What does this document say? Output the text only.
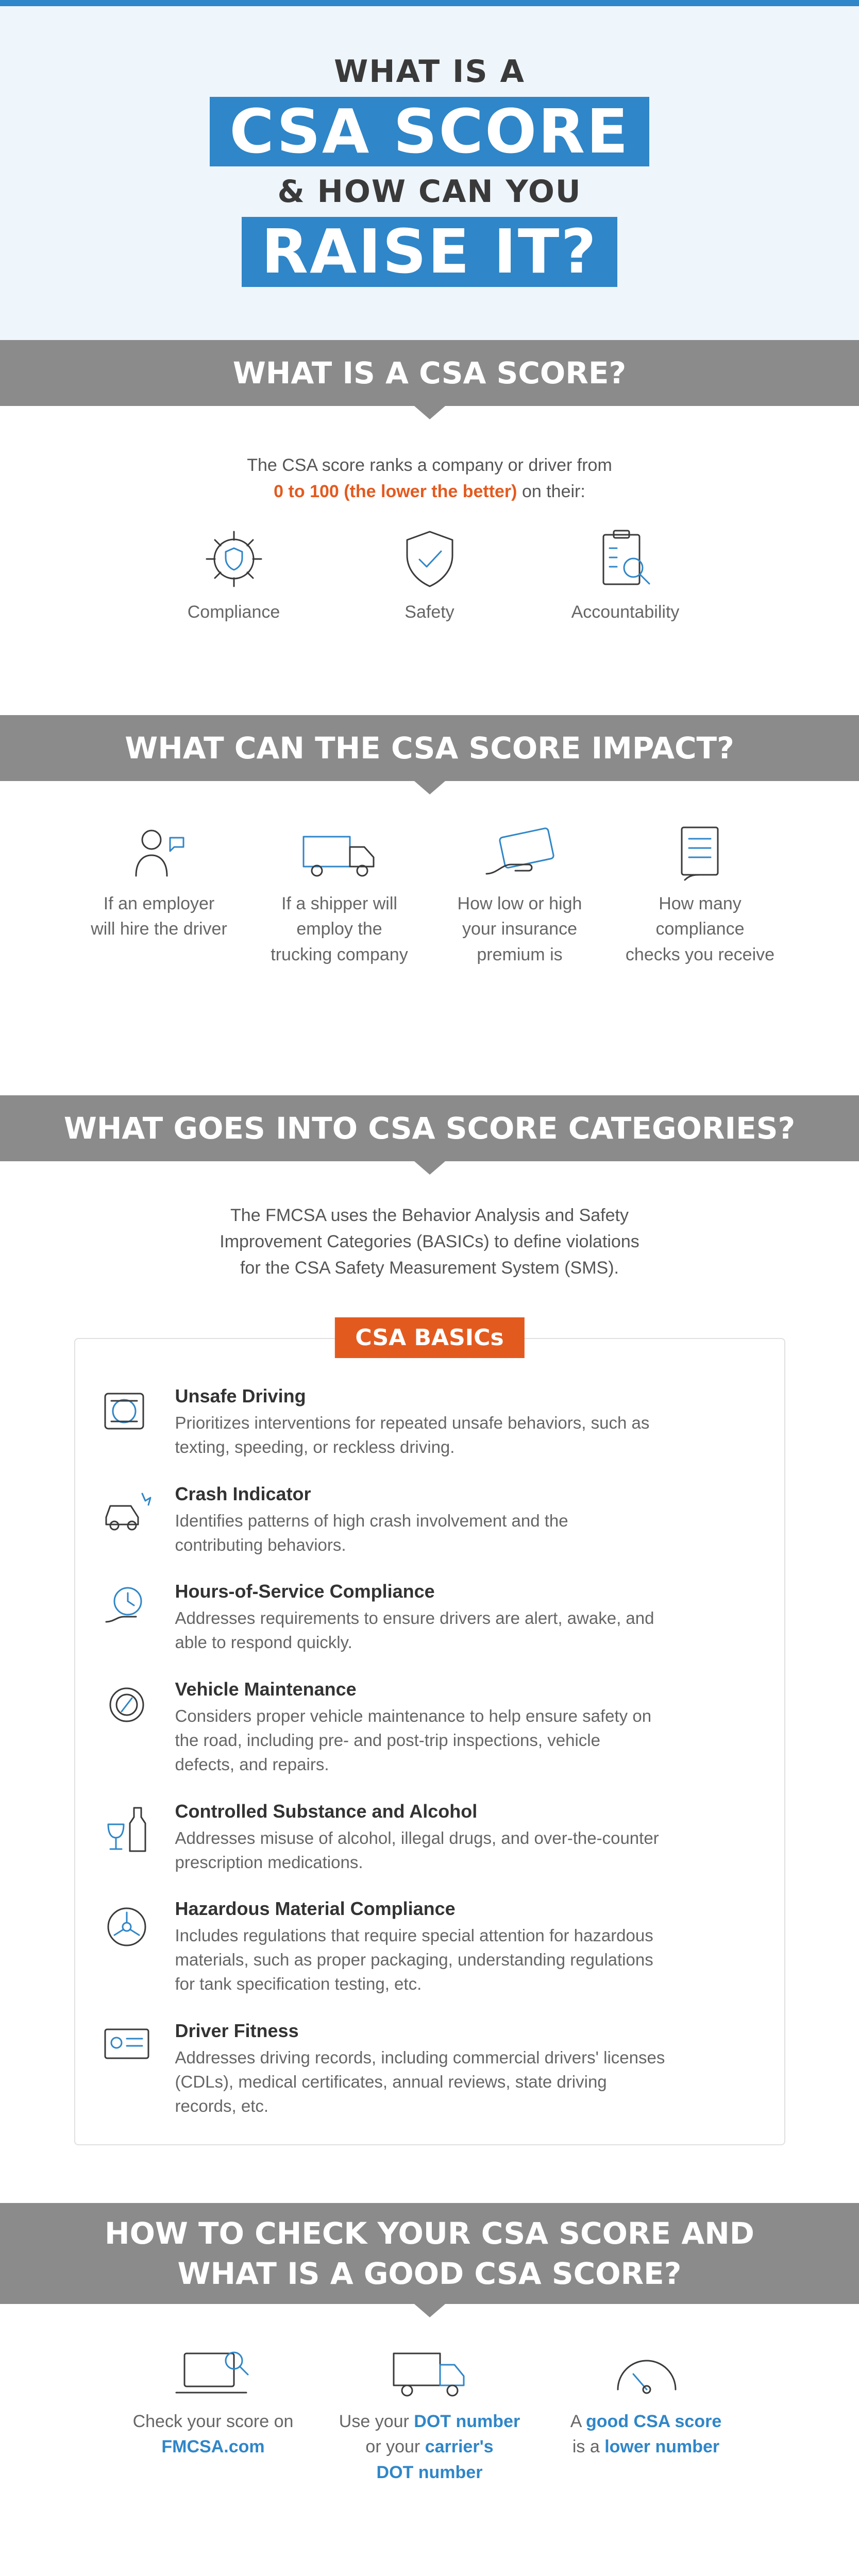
WHAT IS A
CSA SCORE
& HOW CAN YOU
RAISE IT?
WHAT IS A CSA SCORE?
The CSA score ranks a company or driver from
0 to 100 (the lower the better) on their:
Compliance	Safety	Accountability
WHAT CAN THE CSA SCORE IMPACT?
If an employer
will hire the driver
If a shipper will
employ the
trucking company
How low or high
your insurance
premium is
How many
compliance
checks you receive
WHAT GOES INTO CSA SCORE CATEGORIES?
The FMCSA uses the Behavior Analysis and Safety
Improvement Categories (BASICs) to define violations
for the CSA Safety Measurement System (SMS).
CSA BASICs
Unsafe Driving

Prioritizes interventions for repeated unsafe behaviors, such as
texting, speeding, or reckless driving.

Crash Indicator

Identifies patterns of high crash involvement and the
contributing behaviors.

Hours-of-Service Compliance

Addresses requirements to ensure drivers are alert, awake, and
able to respond quickly.

Vehicle Maintenance

Considers proper vehicle maintenance to help ensure safety on
the road, including pre- and post-trip inspections, vehicle
defects, and repairs.

Controlled Substance and Alcohol

Addresses misuse of alcohol, illegal drugs, and over-the-counter
prescription medications.

Hazardous Material Compliance

Includes regulations that require special attention for hazardous
materials, such as proper packaging, understanding regulations
for tank specification testing, etc.

Driver Fitness

Addresses driving records, including commercial drivers' licenses
(CDLs), medical certificates, annual reviews, state driving
records, etc.

HOW TO CHECK YOUR CSA SCORE AND
WHAT IS A GOOD CSA SCORE?
Check your score on
FMCSA.com
Use your DOT number
or your carrier's
DOT number
A good CSA score
is a lower number
